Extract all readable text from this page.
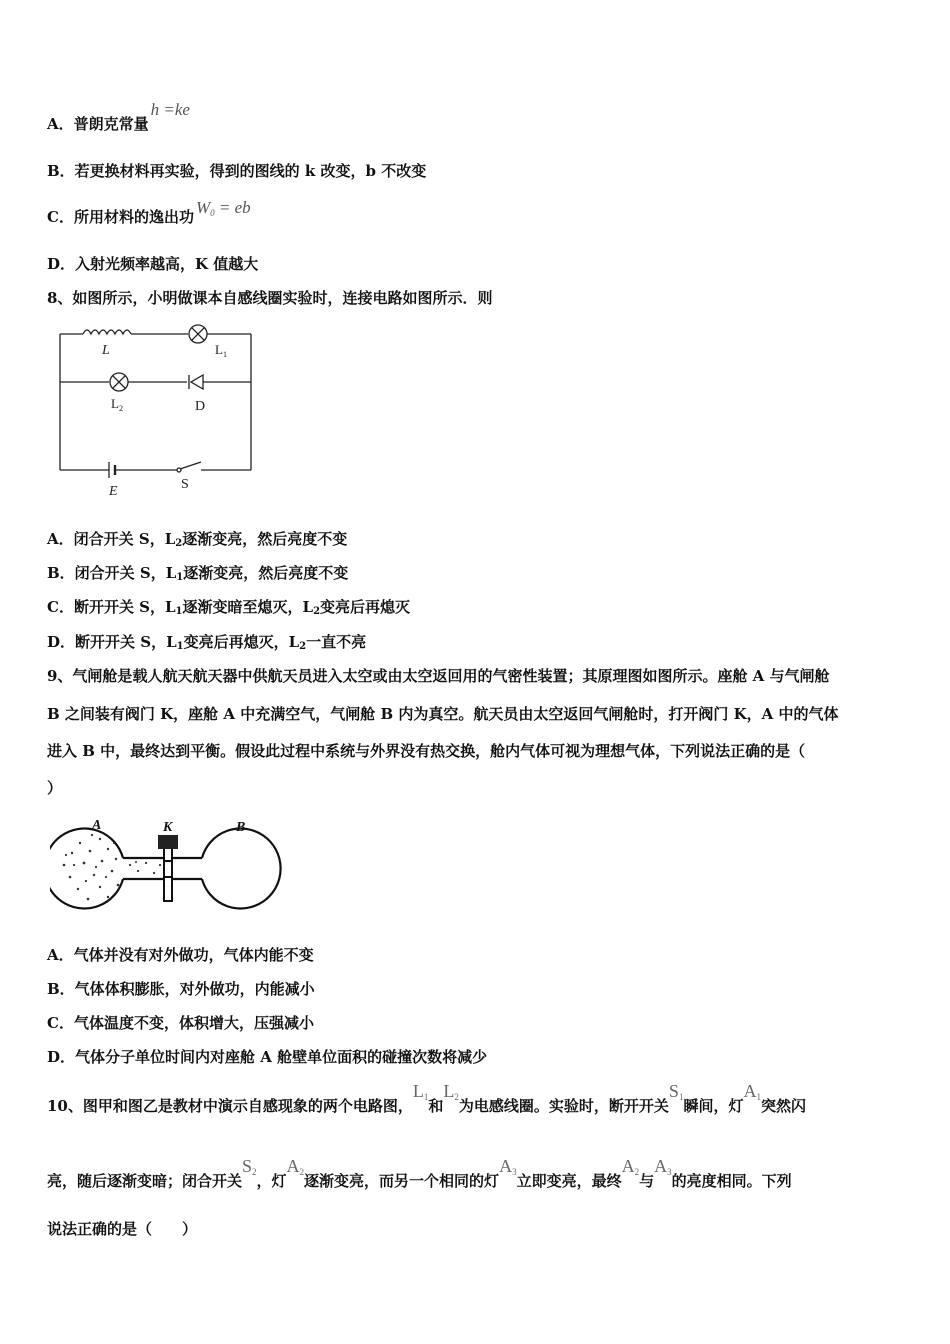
A．普朗克常量h =ke
B．若更换材料再实验，得到的图线的 k 改变，b 不改变
C．所用材料的逸出功 $W_0$ = eb
D．入射光频率越高，K 值越大
8、如图所示，小明做课本自感线圈实验时，连接电路如图所示．则
L	$L_1$
$L_2$	D
E	S
A．闭合开关 S，L2逐渐变亮，然后亮度不变
B．闭合开关 S，L1逐渐变亮，然后亮度不变
C．断开开关 S，L1逐渐变暗至熄灭，L2变亮后再熄灭
D．断开开关 S，L1变亮后再熄灭，L2一直不亮
9、气闸舱是载人航天航天器中供航天员进入太空或由太空返回用的气密性装置；其原理图如图所示。座舱 A 与气闸舱
B 之间装有阀门 K，座舱 A 中充满空气，气闸舱 B 内为真空。航天员由太空返回气闸舱时，打开阀门 K，A 中的气体
进入 B 中，最终达到平衡。假设此过程中系统与外界没有热交换，舱内气体可视为理想气体，下列说法正确的是（
）
A	K	B
A．气体并没有对外做功，气体内能不变
B．气体体积膨胀，对外做功，内能减小
C．气体温度不变，体积增大，压强减小
D．气体分子单位时间内对座舱 A 舱壁单位面积的碰撞次数将减少
10、图甲和图乙是教材中演示自感现象的两个电路图，$L_1$和$L_2$为电感线圈。实验时，断开开关$S_1$瞬间，灯$A_1$突然闪
亮，随后逐渐变暗；闭合开关$S_2$，灯$A_2$逐渐变亮，而另一个相同的灯$A_3$立即变亮，最终$A_2$与$A_3$的亮度相同。下列
说法正确的是（　　）
